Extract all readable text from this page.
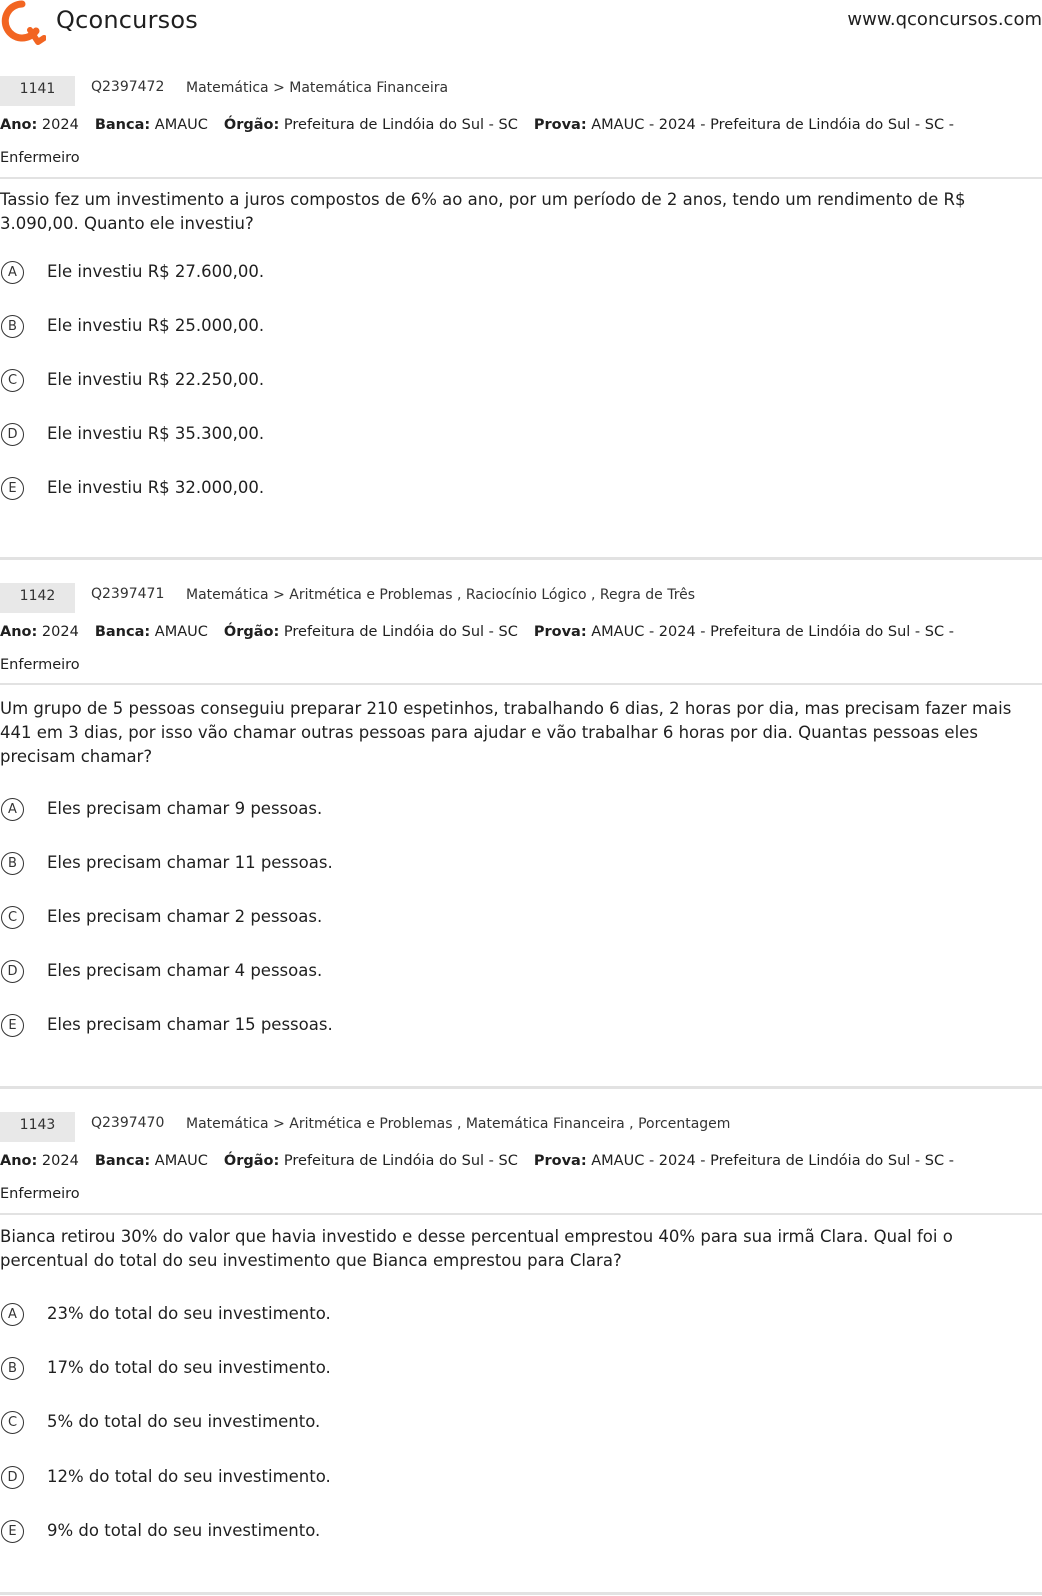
Qconcursos	www.qconcursos.com
1141	Q2397472 Matemática > Matemática Financeira
Ano: 2024 Banca: AMAUC Órgão: Prefeitura de Lindóia do Sul - SC Prova: AMAUC - 2024 - Prefeitura de Lindóia do Sul - SC -
Enfermeiro
Tassio fez um investimento a juros compostos de 6% ao ano, por um período de 2 anos, tendo um rendimento de R$ 3.090,00. Quanto ele investiu?
A	Ele investiu R$ 27.600,00.
B	Ele investiu R$ 25.000,00.
C	Ele investiu R$ 22.250,00.
D	Ele investiu R$ 35.300,00.
E	Ele investiu R$ 32.000,00.
1142	Q2397471 Matemática > Aritmética e Problemas , Raciocínio Lógico , Regra de Três
Ano: 2024 Banca: AMAUC Órgão: Prefeitura de Lindóia do Sul - SC Prova: AMAUC - 2024 - Prefeitura de Lindóia do Sul - SC -
Enfermeiro
Um grupo de 5 pessoas conseguiu preparar 210 espetinhos, trabalhando 6 dias, 2 horas por dia, mas precisam fazer mais 441 em 3 dias, por isso vão chamar outras pessoas para ajudar e vão trabalhar 6 horas por dia. Quantas pessoas eles precisam chamar?
A	Eles precisam chamar 9 pessoas.
B	Eles precisam chamar 11 pessoas.
C	Eles precisam chamar 2 pessoas.
D	Eles precisam chamar 4 pessoas.
E	Eles precisam chamar 15 pessoas.
1143	Q2397470 Matemática > Aritmética e Problemas , Matemática Financeira , Porcentagem
Ano: 2024 Banca: AMAUC Órgão: Prefeitura de Lindóia do Sul - SC Prova: AMAUC - 2024 - Prefeitura de Lindóia do Sul - SC -
Enfermeiro
Bianca retirou 30% do valor que havia investido e desse percentual emprestou 40% para sua irmã Clara. Qual foi o percentual do total do seu investimento que Bianca emprestou para Clara?
A	23% do total do seu investimento.
B	17% do total do seu investimento.
C	5% do total do seu investimento.
D	12% do total do seu investimento.
E	9% do total do seu investimento.
